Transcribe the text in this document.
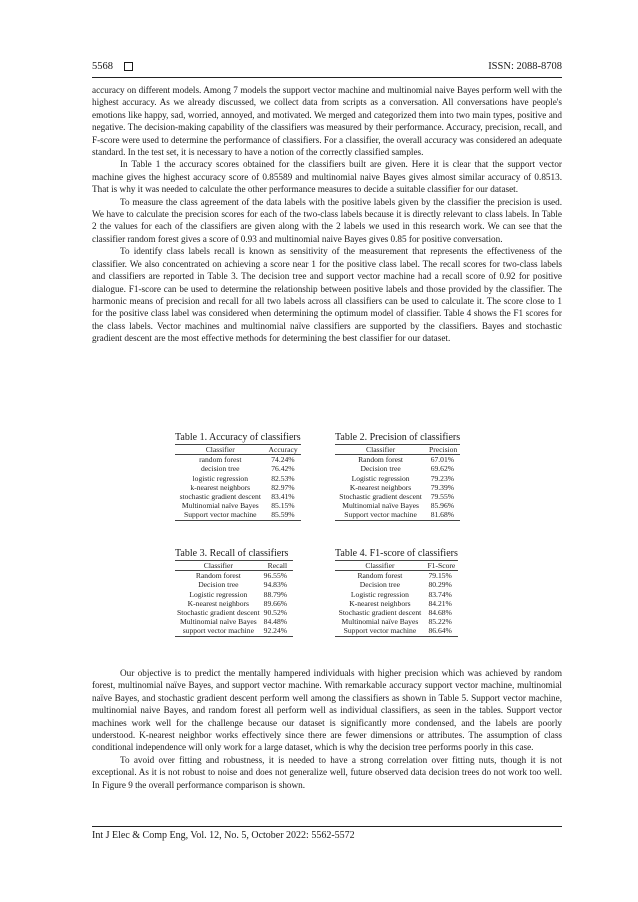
5568	ISSN: 2088-8708

accuracy on different models. Among 7 models the support vector machine and multinomial naive Bayes perform well with the highest accuracy. As we already discussed, we collect data from scripts as a conversation. All conversations have people's emotions like happy, sad, worried, annoyed, and motivated. We merged and categorized them into two main types, positive and negative. The decision-making capability of the classifiers was measured by their performance. Accuracy, precision, recall, and F-score were used to determine the performance of classifiers. For a classifier, the overall accuracy was considered an adequate standard. In the test set, it is necessary to have a notion of the correctly classified samples.

In Table 1 the accuracy scores obtained for the classifiers built are given. Here it is clear that the support vector machine gives the highest accuracy score of 0.85589 and multinomial naive Bayes gives almost similar accuracy of 0.8513. That is why it was needed to calculate the other performance measures to decide a suitable classifier for our dataset.

To measure the class agreement of the data labels with the positive labels given by the classifier the precision is used. We have to calculate the precision scores for each of the two-class labels because it is directly relevant to class labels. In Table 2 the values for each of the classifiers are given along with the 2 labels we used in this research work. We can see that the classifier random forest gives a score of 0.93 and multinomial naive Bayes gives 0.85 for positive conversation.

To identify class labels recall is known as sensitivity of the measurement that represents the effectiveness of the classifier. We also concentrated on achieving a score near 1 for the positive class label. The recall scores for two-class labels and classifiers are reported in Table 3. The decision tree and support vector machine had a recall score of 0.92 for positive dialogue. F1-score can be used to determine the relationship between positive labels and those provided by the classifier. The harmonic means of precision and recall for all two labels across all classifiers can be used to calculate it. The score close to 1 for the positive class label was considered when determining the optimum model of classifier. Table 4 shows the F1 scores for the class labels. Vector machines and multinomial naïve classifiers are supported by the classifiers. Bayes and stochastic gradient descent are the most effective methods for determining the best classifier for our dataset.

Table 1. Accuracy of classifiers
Classifier	Accuracy
random forest	74.24%
decision tree	76.42%
logistic regression	82.53%
k-nearest neighbors	82.97%
stochastic gradient descent	83.41%
Multinomial naïve Bayes	85.15%
Support vector machine	85.59%
Table 2. Precision of classifiers
Classifier	Precision
Random forest	67.01%
Decision tree	69.62%
Logistic regression	79.23%
K-nearest neighbors	79.39%
Stochastic gradient descent	79.55%
Multinomial naïve Bayes	85.96%
Support vector machine	81.68%
Table 3. Recall of classifiers
Classifier	Recall
Random forest	96.55%
Decision tree	94.83%
Logistic regression	88.79%
K-nearest neighbors	89.66%
Stochastic gradient descent	90.52%
Multinomial naïve Bayes	84.48%
support vector machine	92.24%
Table 4. F1-score of classifiers
Classifier	F1-Score
Random forest	79.15%
Decision tree	80.29%
Logistic regression	83.74%
K-nearest neighbors	84.21%
Stochastic gradient descent	84.68%
Multinomial naïve Bayes	85.22%
Support vector machine	86.64%

Our objective is to predict the mentally hampered individuals with higher precision which was achieved by random forest, multinomial naïve Bayes, and support vector machine. With remarkable accuracy support vector machine, multinomial naïve Bayes, and stochastic gradient descent perform well among the classifiers as shown in Table 5. Support vector machine, multinomial naive Bayes, and random forest all perform well as individual classifiers, as seen in the tables. Support vector machines work well for the challenge because our dataset is significantly more condensed, and the labels are poorly understood. K-nearest neighbor works effectively since there are fewer dimensions or attributes. The assumption of class conditional independence will only work for a large dataset, which is why the decision tree performs poorly in this case.

To avoid over fitting and robustness, it is needed to have a strong correlation over fitting nuts, though it is not exceptional. As it is not robust to noise and does not generalize well, future observed data decision trees do not work too well. In Figure 9 the overall performance comparison is shown.

Int J Elec & Comp Eng, Vol. 12, No. 5, October 2022: 5562-5572
